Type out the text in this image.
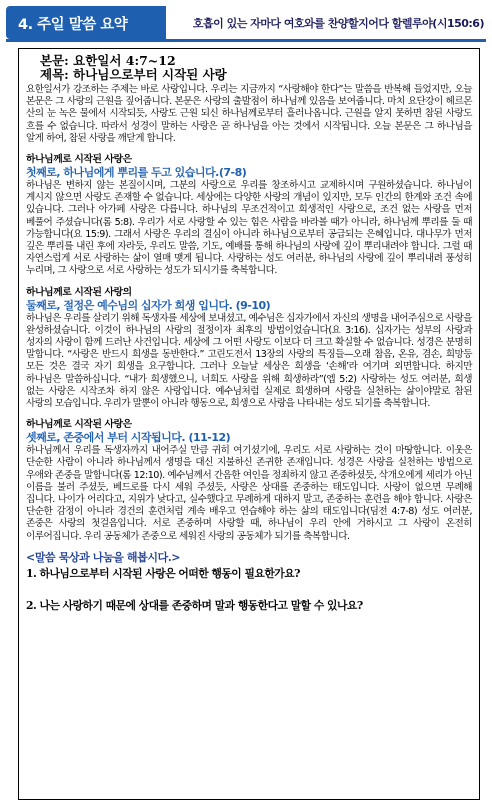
4. 주일 말씀 요약	호흡이 있는 자마다 여호와를 찬양할지어다 할렐루야(시150:6)

본문: 요한일서 4:7~12

제목: 하나님으로부터 시작된 사랑

요한일서가 강조하는 주제는 바로 사랑입니다. 우리는 지금까지 “사랑해야 한다”는 말씀을 반복해 들었지만, 오늘 본문은 그 사랑의 근원을 짚어줍니다. 본문은 사랑의 출발점이 하나님께 있음을 보여줍니다. 마치 요단강이 헤르몬 산의 눈 녹은 물에서 시작되듯, 사랑도 근원 되신 하나님께로부터 흘러나옵니다. 근원을 알지 못하면 참된 사랑도 흐를 수 없습니다. 따라서 성경이 말하는 사랑은 곧 하나님을 아는 것에서 시작됩니다. 오늘 본문은 그 하나님을 알게 하여, 참된 사랑을 깨닫게 합니다.

하나님께로 시작된 사랑은

첫째로, 하나님에게 뿌리를 두고 있습니다.(7-8)

하나님은 변하지 않는 본질이시며, 그분의 사랑으로 우리를 창조하시고 교제하시며 구원하셨습니다. 하나님이 계시지 않으면 사랑도 존재할 수 없습니다. 세상에는 다양한 사랑의 개념이 있지만, 모두 인간의 한계와 조건 속에 있습니다. 그러나 아가페 사랑은 다릅니다. 하나님의 무조건적이고 희생적인 사랑으로, 조건 없는 사랑을 먼저 베풀어 주셨습니다(롬 5:8). 우리가 서로 사랑할 수 있는 힘은 사람을 바라볼 때가 아니라, 하나님께 뿌리를 둘 때 가능합니다(요 15:9). 그래서 사랑은 우리의 결심이 아니라 하나님으로부터 공급되는 은혜입니다. 대나무가 먼저 깊은 뿌리를 내린 후에 자라듯, 우리도 말씀, 기도, 예배를 통해 하나님의 사랑에 깊이 뿌리내려야 합니다. 그럴 때 자연스럽게 서로 사랑하는 삶이 열매 맺게 됩니다. 사랑하는 성도 여러분, 하나님의 사랑에 깊이 뿌리내려 풍성히 누리며, 그 사랑으로 서로 사랑하는 성도가 되시기를 축복합니다.

하나님께로 시작된 사랑의

둘째로, 절정은 예수님의 십자가 희생 입니다. (9-10)

하나님은 우리를 살리기 위해 독생자를 세상에 보내셨고, 예수님은 십자가에서 자신의 생명을 내어주심으로 사랑을 완성하셨습니다. 이것이 하나님의 사랑의 절정이자 최후의 방법이었습니다(요 3:16). 십자가는 성부의 사랑과 성자의 사랑이 함께 드러난 사건입니다. 세상에 그 어떤 사랑도 이보다 더 크고 확실할 수 없습니다. 성경은 분명히 말합니다. “사랑은 반드시 희생을 동반한다.” 고린도전서 13장의 사랑의 특징들—오래 참음, 온유, 겸손, 희망등 모든 것은 결국 자기 희생을 요구합니다. 그러나 오늘날 세상은 희생을 ‘손해’라 여기며 외면합니다. 하지만 하나님은 말씀하십니다. “내가 희생했으니, 너희도 사랑을 위해 희생하라”(엡 5:2) 사랑하는 성도 여러분, 희생 없는 사랑은 시작조차 하지 않은 사랑입니다. 예수님처럼 실제로 희생하며 사랑을 실천하는 삶이야말로 참된 사랑의 모습입니다. 우리가 말뿐이 아니라 행동으로, 희생으로 사랑을 나타내는 성도 되기를 축복합니다.

하나님께로 시작된 사랑은

셋째로, 존중에서 부터 시작됩니다. (11-12)

하나님께서 우리를 독생자까지 내어주실 만큼 귀히 여기셨기에, 우리도 서로 사랑하는 것이 마땅합니다. 이웃은 단순한 사람이 아니라 하나님께서 생명을 대신 지불하신 존귀한 존재입니다. 성경은 사랑을 실천하는 방법으로 우애와 존중을 말합니다(롬 12:10). 예수님께서 간음한 여인을 정죄하지 않고 존중하셨듯, 삭개오에게 세리가 아닌 이름을 불러 주셨듯, 베드로를 다시 세워 주셨듯, 사랑은 상대를 존중하는 태도입니다. 사랑이 없으면 무례해 집니다. 나이가 어리다고, 지위가 낮다고, 실수했다고 무례하게 대하지 말고, 존중하는 훈련을 해야 합니다. 사랑은 단순한 감정이 아니라 경건의 훈련처럼 계속 배우고 연습해야 하는 삶의 태도입니다(딤전 4:7-8) 성도 여러분, 존중은 사랑의 첫걸음입니다. 서로 존중하며 사랑할 때, 하나님이 우리 안에 거하시고 그 사랑이 온전히 이루어집니다. 우리 공동체가 존중으로 세워진 사랑의 공동체가 되기를 축복합니다.

<말씀 묵상과 나눔을 해봅시다.>

1. 하나님으로부터 시작된 사랑은 어떠한 행동이 필요한가요?

2. 나는 사랑하기 때문에 상대를 존중하며 말과 행동한다고 말할 수 있나요?
